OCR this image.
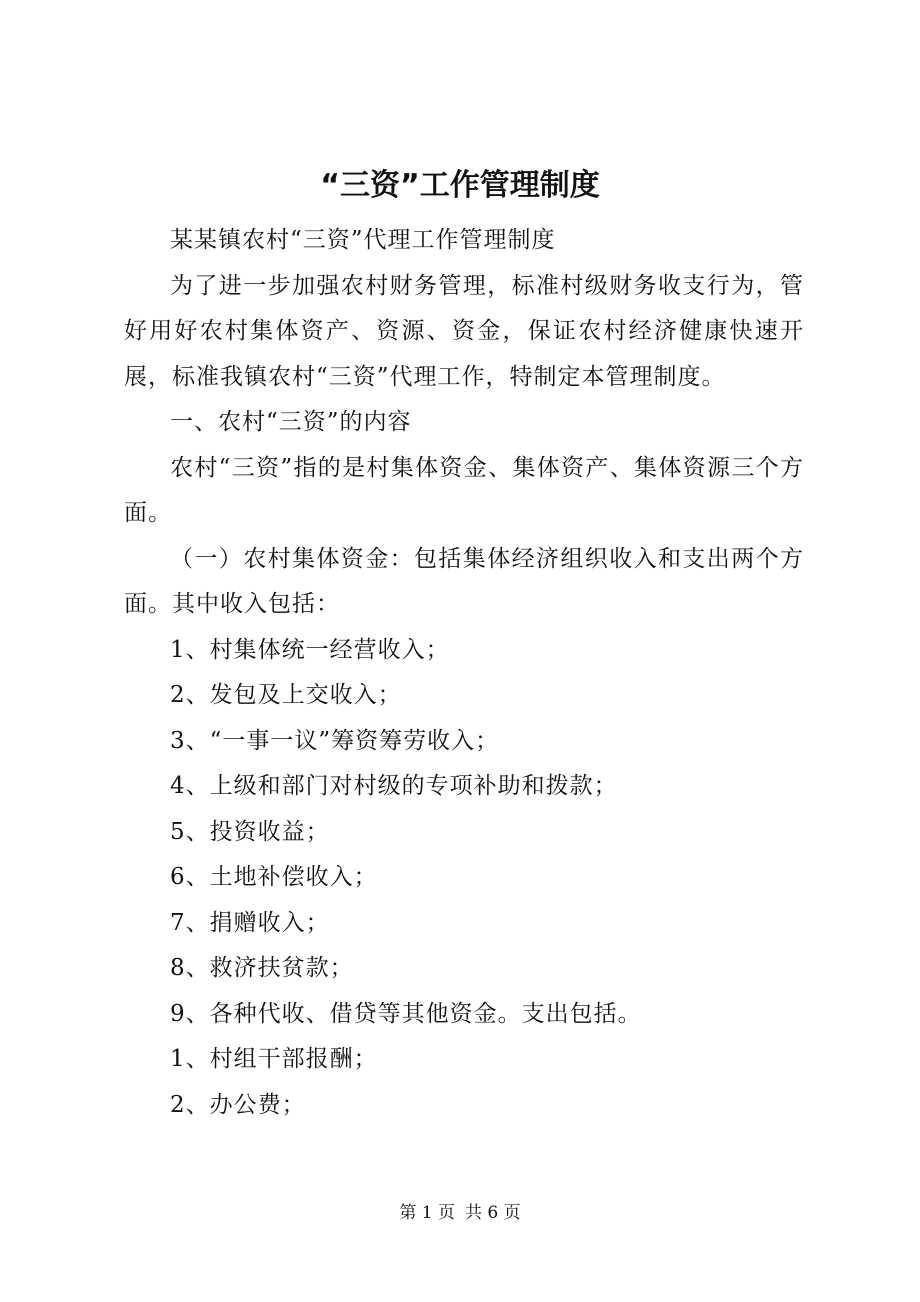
“三资”工作管理制度

某某镇农村“三资”代理工作管理制度

为了进一步加强农村财务管理，标准村级财务收支行为，管好用好农村集体资产、资源、资金，保证农村经济健康快速开展，标准我镇农村“三资”代理工作，特制定本管理制度。

一、农村“三资”的内容

农村“三资”指的是村集体资金、集体资产、集体资源三个方面。

（一）农村集体资金：包括集体经济组织收入和支出两个方面。其中收入包括：

1、村集体统一经营收入；

2、发包及上交收入；

3、“一事一议”筹资筹劳收入；

4、上级和部门对村级的专项补助和拨款；

5、投资收益；

6、土地补偿收入；

7、捐赠收入；

8、救济扶贫款；

9、各种代收、借贷等其他资金。支出包括。

1、村组干部报酬；

2、办公费；

第 1 页 共 6 页
